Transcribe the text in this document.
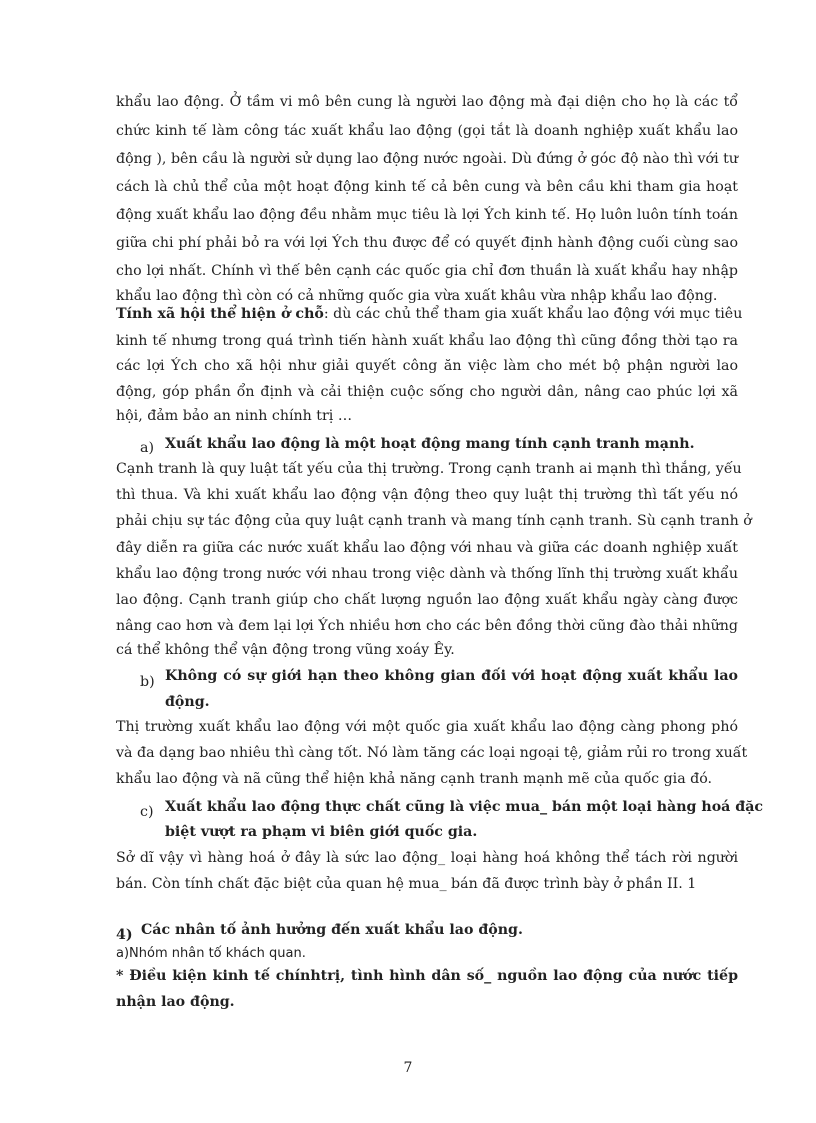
khẩu lao động. Ở tầm vi mô bên cung là người lao động mà đại diện cho họ là các tổ
chức kinh tế làm công tác xuất khẩu lao động (gọi tắt là doanh nghiệp xuất khẩu lao
động ), bên cầu là người sử dụng lao động nước ngoài. Dù đứng ở góc độ nào thì với tư
cách là chủ thể của một hoạt động kinh tế cả bên cung và bên cầu khi tham gia hoạt
động xuất khẩu lao động đều nhằm mục tiêu là lợi Ých kinh tế. Họ luôn luôn tính toán
giữa chi phí phải bỏ ra với lợi Ých thu được để có quyết định hành động cuối cùng sao
cho lợi nhất. Chính vì thế bên cạnh các quốc gia chỉ đơn thuần là xuất khẩu hay nhập
khẩu lao động thì còn có cả những quốc gia vừa xuất khâu vừa nhập khẩu lao động.
Tính xã hội thể hiện ở chỗ: dù các chủ thể tham gia xuất khẩu lao động với mục tiêu
kinh tế nhưng trong quá trình tiến hành xuất khẩu lao động thì cũng đồng thời tạo ra
các lợi Ých cho xã hội như giải quyết công ăn việc làm cho mét bộ phận người lao
động, góp phần ổn định và cải thiện cuộc sống cho người dân, nâng cao phúc lợi xã
hội, đảm bảo an ninh chính trị …
a) Xuất khẩu lao động là một hoạt động mang tính cạnh tranh mạnh.
Cạnh tranh là quy luật tất yếu của thị trường. Trong cạnh tranh ai mạnh thì thắng, yếu
thì thua. Và khi xuất khẩu lao động vận động theo quy luật thị trường thì tất yếu nó
phải chịu sự tác động của quy luật cạnh tranh và mang tính cạnh tranh. Sù cạnh tranh ở
đây diễn ra giữa các nước xuất khẩu lao động với nhau và giữa các doanh nghiệp xuất
khẩu lao động trong nước với nhau trong việc dành và thống lĩnh thị trường xuất khẩu
lao động. Cạnh tranh giúp cho chất lượng nguồn lao động xuất khẩu ngày càng được
nâng cao hơn và đem lại lợi Ých nhiều hơn cho các bên đồng thời cũng đào thải những
cá thể không thể vận động trong vũng xoáy Êy.
b) Không có sự giới hạn theo không gian đối với hoạt động xuất khẩu lao
động.
Thị trường xuất khẩu lao động với một quốc gia xuất khẩu lao động càng phong phó
và đa dạng bao nhiêu thì càng tốt. Nó làm tăng các loại ngoại tệ, giảm rủi ro trong xuất
khẩu lao động và nã cũng thể hiện khả năng cạnh tranh mạnh mẽ của quốc gia đó.
c) Xuất khẩu lao động thực chất cũng là việc mua_ bán một loại hàng hoá đặc
biệt vượt ra phạm vi biên giới quốc gia.
Sở dĩ vậy vì hàng hoá ở đây là sức lao động_ loại hàng hoá không thể tách rời người
bán. Còn tính chất đặc biệt của quan hệ mua_ bán đã được trình bày ở phần II. 1
4) Các nhân tố ảnh hưởng đến xuất khẩu lao động.
a)Nhóm nhân tố khách quan.
* Điều kiện kinh tế chínhtrị, tình hình dân số_ nguồn lao động của nước tiếp
nhận lao động.
7
